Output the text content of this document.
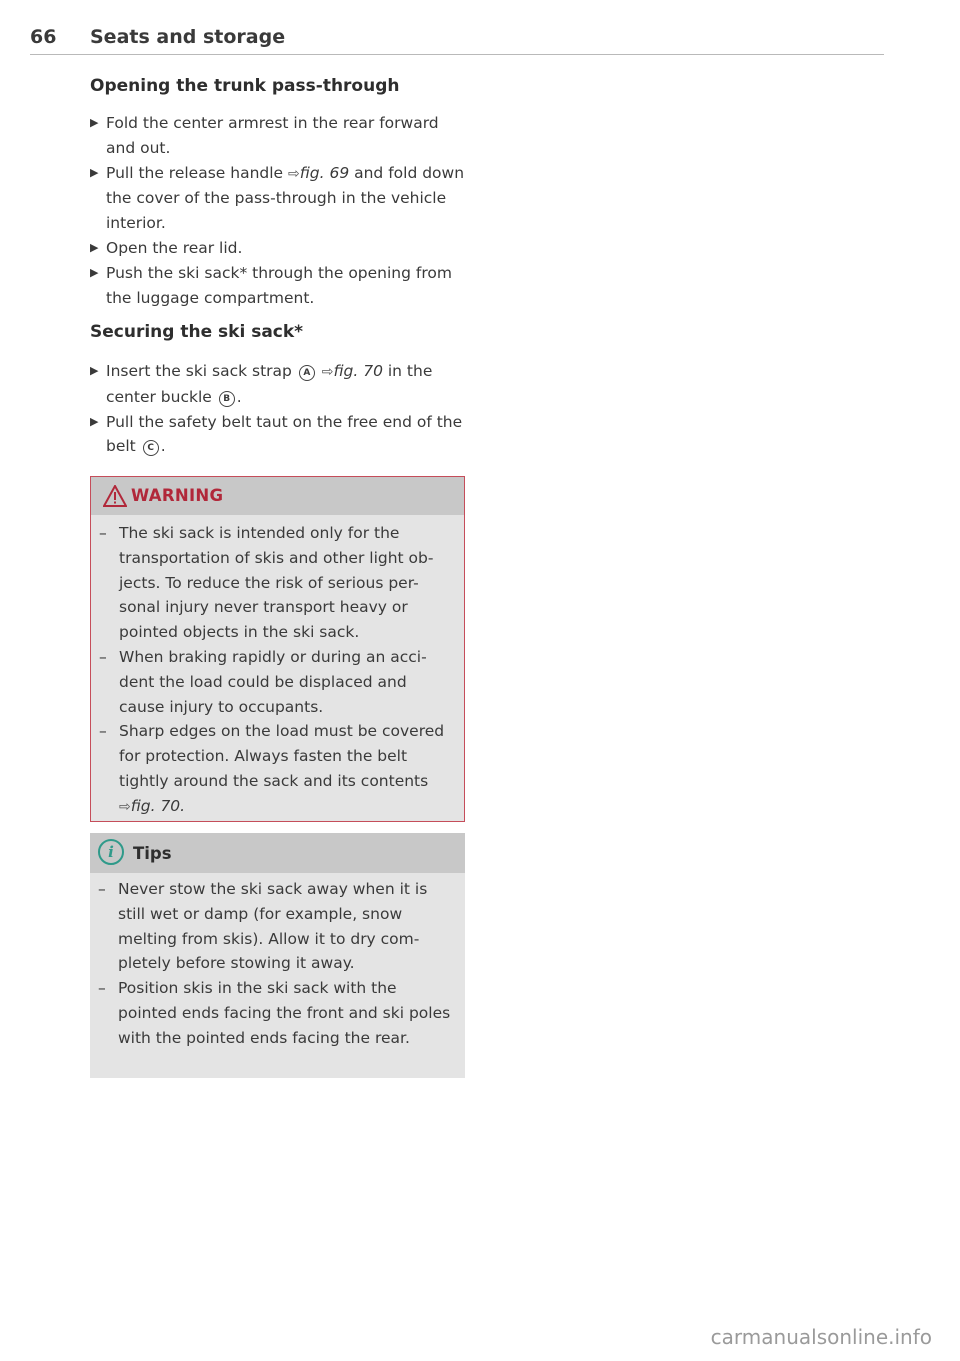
66 Seats and storage
Opening the trunk pass-through
▶ Fold the center armrest in the rear forward and out.
▶ Pull the release handle ⇨fig. 69 and fold down the cover of the pass-through in the vehicle interior.
▶ Open the rear lid.
▶ Push the ski sack* through the opening from the luggage compartment.
Securing the ski sack*
▶ Insert the ski sack strap A ⇨fig. 70 in the center buckle B .
▶ Pull the safety belt taut on the free end of the belt C .
WARNING
– The ski sack is intended only for the transportation of skis and other light ob- jects. To reduce the risk of serious per- sonal injury never transport heavy or pointed objects in the ski sack.
– When braking rapidly or during an acci- dent the load could be displaced and cause injury to occupants.
– Sharp edges on the load must be covered for protection. Always fasten the belt tightly around the sack and its contents ⇨fig. 70.
i	Tips
– Never stow the ski sack away when it is still wet or damp (for example, snow melting from skis). Allow it to dry com- pletely before stowing it away.
– Position skis in the ski sack with the pointed ends facing the front and ski poles with the pointed ends facing the rear.
carmanualsonline.info
